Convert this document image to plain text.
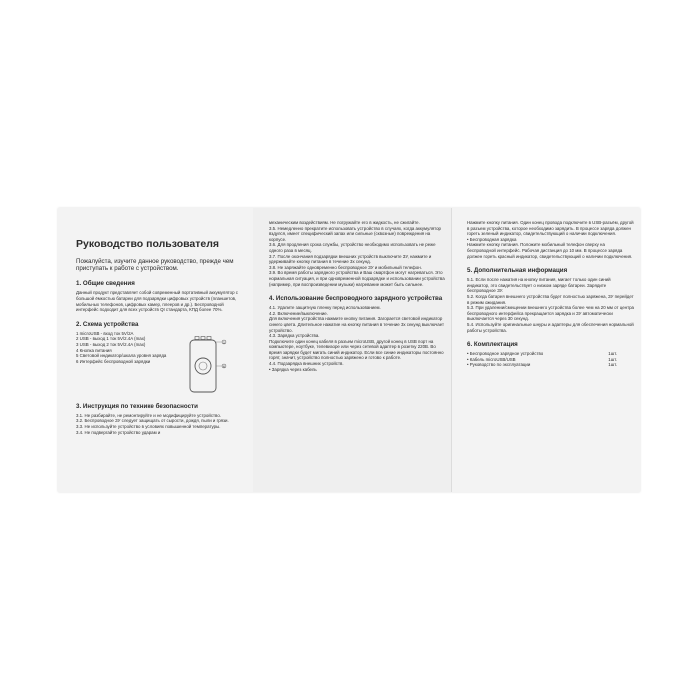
Руководство пользователя

Пожалуйста, изучите данное руководство, прежде чем приступать к работе с устройством.

1. Общие сведения

Данный продукт представляет собой современный портативный аккумулятор с большой ёмкостью батареи для подзарядки цифровых устройств (планшетов, мобильных телефонов, цифровых камер, плееров и др.). Беспроводной интерфейс подходит для всех устройств QI стандарта, КПД более 70%.

2. Схема устройства

1 microUSB - вход ток 5V/2A

2 USB - выход 1 ток 5V/2.4A (max)

3 USB - выход 2 ток 5V/2.4A (max)

4 Кнопка питания

5 Световой индикатор/шкала уровня заряда

6 Интерфейс беспроводной зарядки

1
6

3. Инструкция по технике безопасности

3.1. Не разбирайте, не ремонтируйте и не модифицируйте устройство.
3.2. Беспроводное ЗУ следует защищать от сырости, дождя, пыли и грязи.
3.3. Не используйте устройство в условиях повышенной температуры.
3.4. Не подвергайте устройство ударам и

механическим воздействиям. Не погружайте его в жидкость, не сжигайте.
3.5. Немедленно прекратите использовать устройство в случаях, когда аккумулятор вздулся, имеет специфический запах или сильные (сквозные) повреждения на корпусе.
3.6. Для продления срока службы, устройство необходимо использовать не реже одного раза в месяц.
3.7. После окончания подзарядки внешних устройств выключите ЗУ, нажмите и удерживайте кнопку питания в течение 3х секунд.
3.8. Не заряжайте одновременно беспроводное ЗУ и мобильный телефон.
3.9. Во время работы зарядного устройства и Ваш смартфон могут нагреваться. Это нормальная ситуация, и при одновременной подзарядке и использовании устройства (например, при воспроизведении музыки) нагревание может быть сильнее.

4. Использование беспроводного зарядного устройства

4.1. Удалите защитную пленку перед использованием.
4.2. Включение/выключение.
Для включения устройства нажмите кнопку питания. Загорается световой индикатор синего цвета. Длительное нажатие на кнопку питания в течение 3х секунд выключает устройство.
4.3. Зарядка устройства.
Подключите один конец кабеля в разъем microUSB, другой конец в USB порт на компьютере, ноутбуке, телевизоре или через сетевой адаптер в розетку 220В. Во время зарядки будет мигать синий индикатор. Если все синие индикаторы постоянно горят, значит, устройство полностью заряжено и готово к работе.
4.4. Подзарядка внешних устройств.
• Зарядка через кабель

Нажмите кнопку питания. Один конец провода подключите в USB-разъём, другой в разъем устройства, которое необходимо зарядить. В процессе заряда должен гореть зеленый индикатор, свидетельствующий о наличии подключения.
• Беспроводная зарядка
Нажмите кнопку питания. Положите мобильный телефон сверху на беспроводной интерфейс. Рабочая дистанция до 10 мм. В процессе заряда должен гореть красный индикатор, свидетельствующий о наличии подключения.

5. Дополнительная информация

5.1. Если после нажатия на кнопку питания, мигает только один синий индикатор, это свидетельствует о низком заряде батареи. Зарядите беспроводное ЗУ.
5.2. Когда батарея внешнего устройства будет полностью заряжена, ЗУ перейдет в режим ожидания.
5.3. При удалении/смещении внешнего устройства более чем на 20 мм от центра беспроводного интерфейса прекращается зарядка и ЗУ автоматически выключается через 30 секунд.
5.4. Используйте оригинальные шнуры и адаптеры для обеспечения нормальной работы устройства.

6. Комплектация

• Беспроводное зарядное устройство	1шт.
• Кабель microUSB/USB	1шт.
• Руководство по эксплуатации	1шт.
